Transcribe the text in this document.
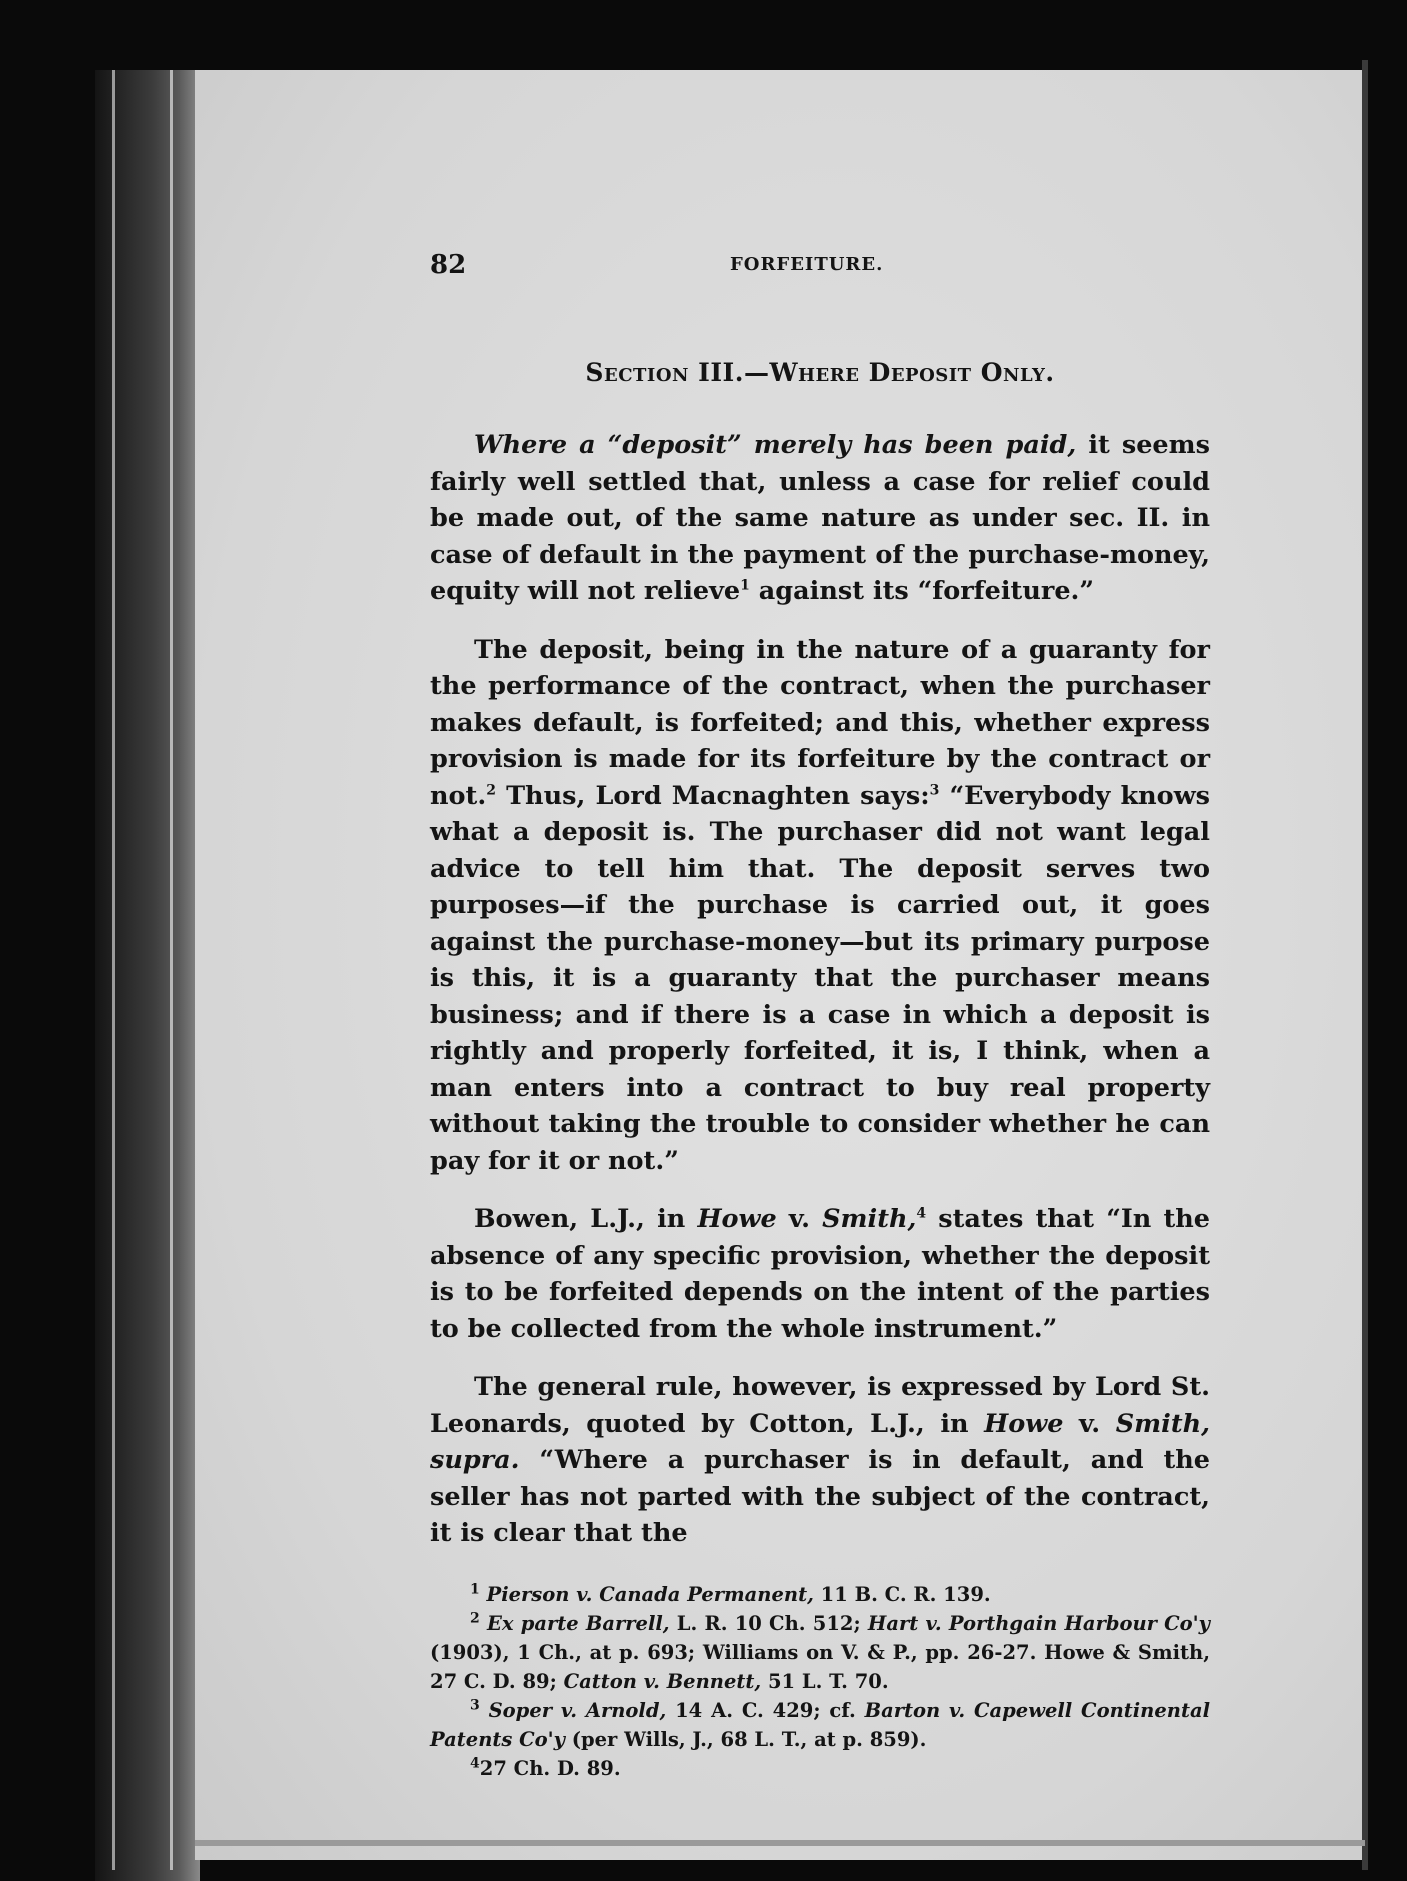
82	FORFEITURE.
Section III.—Where Deposit Only.

Where a “deposit” merely has been paid, it seems fairly well settled that, unless a case for relief could be made out, of the same nature as under sec. II. in case of default in the payment of the purchase-money, equity will not relieve$^1$ against its “forfeiture.”

The deposit, being in the nature of a guaranty for the performance of the contract, when the purchaser makes default, is forfeited; and this, whether express provision is made for its forfeiture by the contract or not.$^2$ Thus, Lord Macnaghten says:$^3$ “Everybody knows what a deposit is. The purchaser did not want legal advice to tell him that. The deposit serves two purposes—if the purchase is carried out, it goes against the purchase-money—but its primary purpose is this, it is a guaranty that the purchaser means business; and if there is a case in which a deposit is rightly and properly forfeited, it is, I think, when a man enters into a contract to buy real property without taking the trouble to consider whether he can pay for it or not.”

Bowen, L.J., in Howe v. Smith,$^4$ states that “In the absence of any specific provision, whether the deposit is to be forfeited depends on the intent of the parties to be collected from the whole instrument.”

The general rule, however, is expressed by Lord St. Leonards, quoted by Cotton, L.J., in Howe v. Smith, supra. “Where a purchaser is in default, and the seller has not parted with the subject of the contract, it is clear that the

$^1$ Pierson v. Canada Permanent, 11 B. C. R. 139.
$^2$ Ex parte Barrell, L. R. 10 Ch. 512; Hart v. Porthgain Harbour Co'y (1903), 1 Ch., at p. 693; Williams on V. & P., pp. 26-27. Howe & Smith, 27 C. D. 89; Catton v. Bennett, 51 L. T. 70.
$^3$ Soper v. Arnold, 14 A. C. 429; cf. Barton v. Capewell Continental Patents Co'y (per Wills, J., 68 L. T., at p. 859).
$^4$27 Ch. D. 89.
